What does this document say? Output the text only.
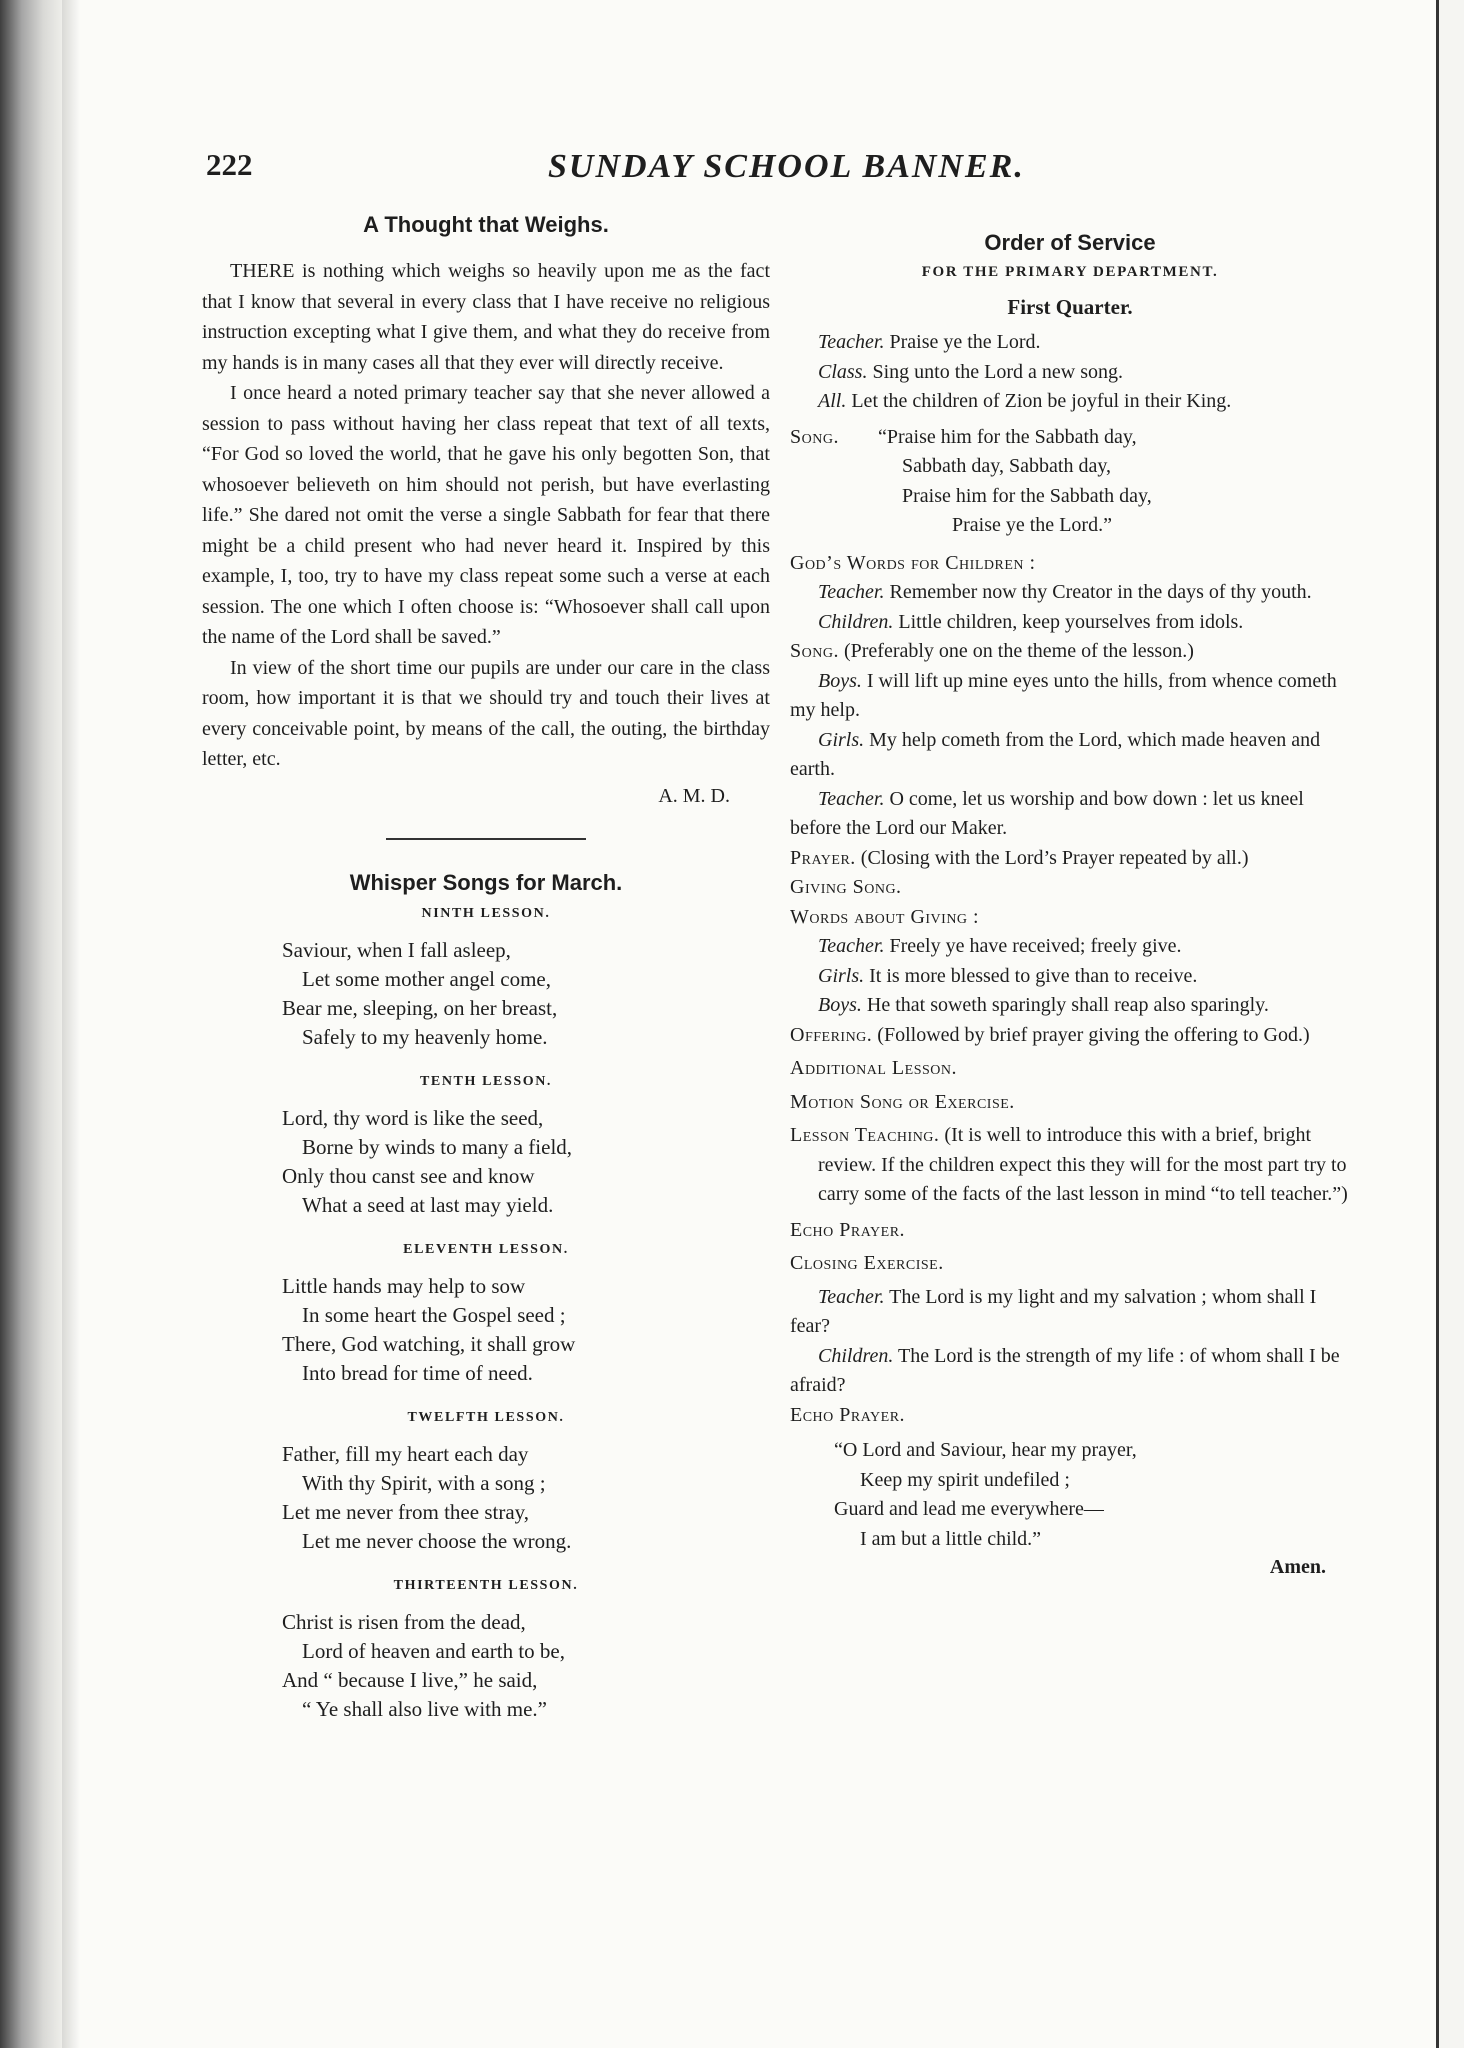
222	SUNDAY SCHOOL BANNER.
A Thought that Weighs.

THERE is nothing which weighs so heavily upon me as the fact that I know that several in every class that I have receive no religious instruction excepting what I give them, and what they do receive from my hands is in many cases all that they ever will directly receive.

I once heard a noted primary teacher say that she never allowed a session to pass without having her class repeat that text of all texts, “For God so loved the world, that he gave his only begotten Son, that whosoever believeth on him should not perish, but have everlasting life.” She dared not omit the verse a single Sabbath for fear that there might be a child present who had never heard it. Inspired by this example, I, too, try to have my class repeat some such a verse at each session. The one which I often choose is: “Whosoever shall call upon the name of the Lord shall be saved.”

In view of the short time our pupils are under our care in the class room, how important it is that we should try and touch their lives at every conceivable point, by means of the call, the outing, the birthday letter, etc.

A. M. D.
Whisper Songs for March.
NINTH LESSON.
Saviour, when I fall asleep,
Let some mother angel come,
Bear me, sleeping, on her breast,
Safely to my heavenly home.
TENTH LESSON.
Lord, thy word is like the seed,
Borne by winds to many a field,
Only thou canst see and know
What a seed at last may yield.
ELEVENTH LESSON.
Little hands may help to sow
In some heart the Gospel seed ;
There, God watching, it shall grow
Into bread for time of need.
TWELFTH LESSON.
Father, fill my heart each day
With thy Spirit, with a song ;
Let me never from thee stray,
Let me never choose the wrong.
THIRTEENTH LESSON.
Christ is risen from the dead,
Lord of heaven and earth to be,
And “ because I live,” he said,
“ Ye shall also live with me.”
Order of Service
FOR THE PRIMARY DEPARTMENT.
First Quarter.

Teacher. Praise ye the Lord.

Class. Sing unto the Lord a new song.

All. Let the children of Zion be joyful in their King.

Song.	“Praise him for the Sabbath day,
Sabbath day, Sabbath day,
Praise him for the Sabbath day,
Praise ye the Lord.”

God’s Words for Children :

Teacher. Remember now thy Creator in the days of thy youth.

Children. Little children, keep yourselves from idols.

Song. (Preferably one on the theme of the lesson.)

Boys. I will lift up mine eyes unto the hills, from whence cometh my help.

Girls. My help cometh from the Lord, which made heaven and earth.

Teacher. O come, let us worship and bow down : let us kneel before the Lord our Maker.

Prayer. (Closing with the Lord’s Prayer repeated by all.)

Giving Song.

Words about Giving :

Teacher. Freely ye have received; freely give.

Girls. It is more blessed to give than to receive.

Boys. He that soweth sparingly shall reap also sparingly.

Offering. (Followed by brief prayer giving the offering to God.)

Additional Lesson.

Motion Song or Exercise.

Lesson Teaching. (It is well to introduce this with a brief, bright review. If the children expect this they will for the most part try to carry some of the facts of the last lesson in mind “to tell teacher.”)

Echo Prayer.

Closing Exercise.

Teacher. The Lord is my light and my salvation ; whom shall I fear?

Children. The Lord is the strength of my life : of whom shall I be afraid?

Echo Prayer.

“O Lord and Saviour, hear my prayer,
Keep my spirit undefiled ;
Guard and lead me everywhere—
I am but a little child.”
Amen.
